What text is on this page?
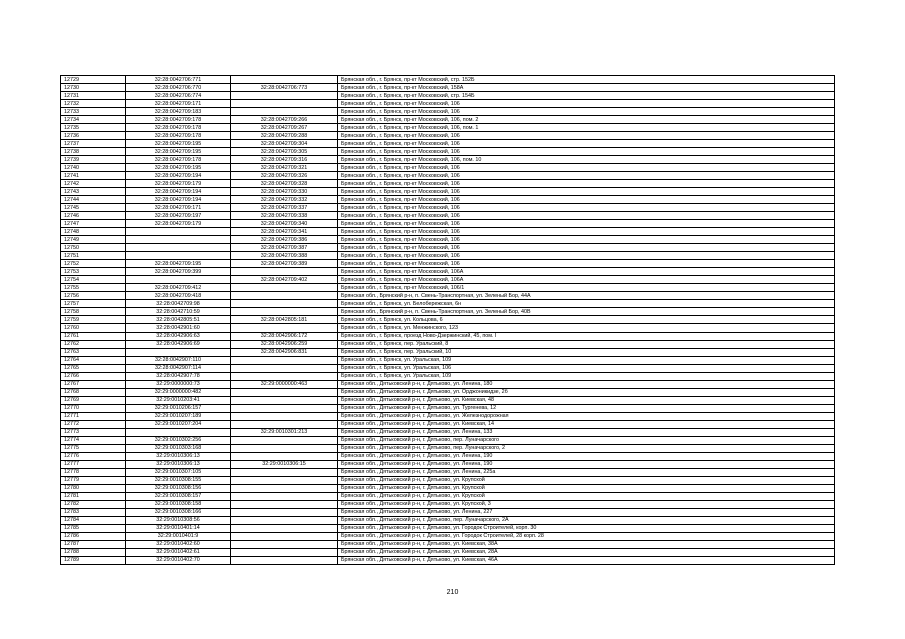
12729	32:28:0042706:771		Брянская обл., г. Брянск, пр-кт Московский, стр. 152Б
12730	32:28:0042706:770	32:28:0042706:773	Брянская обл., г. Брянск, пр-кт Московский, 158А
12731	32:28:0042706:774		Брянская обл., г. Брянск, пр-кт Московский, стр. 154Б
12732	32:28:0042709:171		Брянская обл., г. Брянск, пр-кт Московский, 106
12733	32:28:0042709:183		Брянская обл., г. Брянск, пр-кт Московский, 106
12734	32:28:0042709:178	32:28:0042709:266	Брянская обл., г. Брянск, пр-кт Московский, 106, пом. 2
12735	32:28:0042709:178	32:28:0042709:267	Брянская обл., г. Брянск, пр-кт Московский, 106, пом. 1
12736	32:28:0042709:178	32:28:0042709:288	Брянская обл., г. Брянск, пр-кт Московский, 106
12737	32:28:0042709:195	32:28:0042709:304	Брянская обл., г. Брянск, пр-кт Московский, 106
12738	32:28:0042709:195	32:28:0042709:305	Брянская обл., г. Брянск, пр-кт Московский, 106
12739	32:28:0042709:178	32:28:0042709:316	Брянская обл., г. Брянск, пр-кт Московский, 106, пом. 10
12740	32:28:0042709:195	32:28:0042709:321	Брянская обл., г. Брянск, пр-кт Московский, 106
12741	32:28:0042709:194	32:28:0042709:326	Брянская обл., г. Брянск, пр-кт Московский, 106
12742	32:28:0042709:179	32:28:0042709:328	Брянская обл., г. Брянск, пр-кт Московский, 106
12743	32:28:0042709:194	32:28:0042709:330	Брянская обл., г. Брянск, пр-кт Московский, 106
12744	32:28:0042709:194	32:28:0042709:332	Брянская обл., г. Брянск, пр-кт Московский, 106
12745	32:28:0042709:171	32:28:0042709:337	Брянская обл., г. Брянск, пр-кт Московский, 106
12746	32:28:0042709:197	32:28:0042709:338	Брянская обл., г. Брянск, пр-кт Московский, 106
12747	32:28:0042709:179	32:28:0042709:340	Брянская обл., г. Брянск, пр-кт Московский, 106
12748		32:28:0042709:341	Брянская обл., г. Брянск, пр-кт Московский, 106
12749		32:28:0042709:386	Брянская обл., г. Брянск, пр-кт Московский, 106
12750		32:28:0042709:387	Брянская обл., г. Брянск, пр-кт Московский, 106
12751		32:28:0042709:388	Брянская обл., г. Брянск, пр-кт Московский, 106
12752	32:28:0042709:195	32:28:0042709:389	Брянская обл., г. Брянск, пр-кт Московский, 106
12753	32:28:0042709:399		Брянская обл., г. Брянск, пр-кт Московский, 106А
12754		32:28:0042709:402	Брянская обл., г. Брянск, пр-кт Московский, 106А
12755	32:28:0042709:412		Брянская обл., г. Брянск, пр-кт Московский, 106/1
12756	32:28:0042709:418		Брянская обл., Брянский р-н, п. Свень-Транспортная, ул. Зеленый Бор, 44А
12757	32:28:0042709:98		Брянская обл., г. Брянск, ул. Белобережская, 6н
12758	32:28:0042710:59		Брянская обл., Брянский р-н, п. Свень-Транспортная, ул. Зеленый Бор, 40В
12759	32:28:0042805:51	32:28:0042805:181	Брянская обл., г. Брянск, ул. Кольцова, 6
12760	32:28:0042901:60		Брянская обл., г. Брянск, ул. Менжинского, 123
12761	32:28:0042906:63	32:28:0042906:172	Брянская обл., г. Брянск, проезд Ново-Дзержинский, 45, пом. I
12762	32:28:0042906:69	32:28:0042906:259	Брянская обл., г. Брянск, пер. Уральский, 8
12763		32:28:0042906:831	Брянская обл., г. Брянск, пер. Уральский, 10
12764	32:28:0042907:110		Брянская обл., г. Брянск, ул. Уральская, 109
12765	32:28:0042907:114		Брянская обл., г. Брянск, ул. Уральская, 106
12766	32:28:0042907:78		Брянская обл., г. Брянск, ул. Уральская, 109
12767	32:29:0000000:73	32:29:0000000:463	Брянская обл., Дятьковский р-н, г. Дятьково, ул. Ленина, 180
12768	32:29:0000000:482		Брянская обл., Дятьковский р-н, г. Дятьково, ул. Орджоникидзе, 2б
12769	32:29:0010203:41		Брянская обл., Дятьковский р-н, г. Дятьково, ул. Киевская, 48
12770	32:29:0010206:157		Брянская обл., Дятьковский р-н, г. Дятьково, ул. Тургенева, 12
12771	32:29:0010207:189		Брянская обл., Дятьковский р-н, г. Дятьково, ул. Железнодорожная
12772	32:29:0010207:204		Брянская обл., Дятьковский р-н, г. Дятьково, ул. Киевская, 14
12773		32:29:0010301:213	Брянская обл., Дятьковский р-н, г. Дятьково, ул. Ленина, 133
12774	32:29:0010302:256		Брянская обл., Дятьковский р-н, г. Дятьково, пер. Луначарского
12775	32:29:0010303:168		Брянская обл., Дятьковский р-н, г. Дятьково, пер. Луначарского, 2
12776	32:29:0010306:13		Брянская обл., Дятьковский р-н, г. Дятьково, ул. Ленина, 190
12777	32:29:0010306:13	32:29:0010306:15	Брянская обл., Дятьковский р-н, г. Дятьково, ул. Ленина, 190
12778	32:29:0010307:105		Брянская обл., Дятьковский р-н, г. Дятьково, ул. Ленина, 225а
12779	32:29:0010308:155		Брянская обл., Дятьковский р-н, г. Дятьково, ул. Крупской
12780	32:29:0010308:156		Брянская обл., Дятьковский р-н, г. Дятьково, ул. Крупской
12781	32:29:0010308:157		Брянская обл., Дятьковский р-н, г. Дятьково, ул. Крупской
12782	32:29:0010308:158		Брянская обл., Дятьковский р-н, г. Дятьково, ул. Крупской, 3
12783	32:29:0010308:166		Брянская обл., Дятьковский р-н, г. Дятьково, ул. Ленина, 227
12784	32:29:0010308:56		Брянская обл., Дятьковский р-н, г. Дятьково, пер. Луначарского, 2А
12785	32:29:0010401:14		Брянская обл., Дятьковский р-н, г. Дятьково, ул. Городок Строителей, корп. 30
12786	32:29:0010401:9		Брянская обл., Дятьковский р-н, г. Дятьково, ул. Городок Строителей, 28 корп. 28
12787	32:29:0010402:60		Брянская обл., Дятьковский р-н, г. Дятьково, ул. Киевская, 38А
12788	32:29:0010402:61		Брянская обл., Дятьковский р-н, г. Дятьково, ул. Киевская, 28А
12789	32:29:0010402:70		Брянская обл., Дятьковский р-н, г. Дятьково, ул. Киевская, 46А
210
